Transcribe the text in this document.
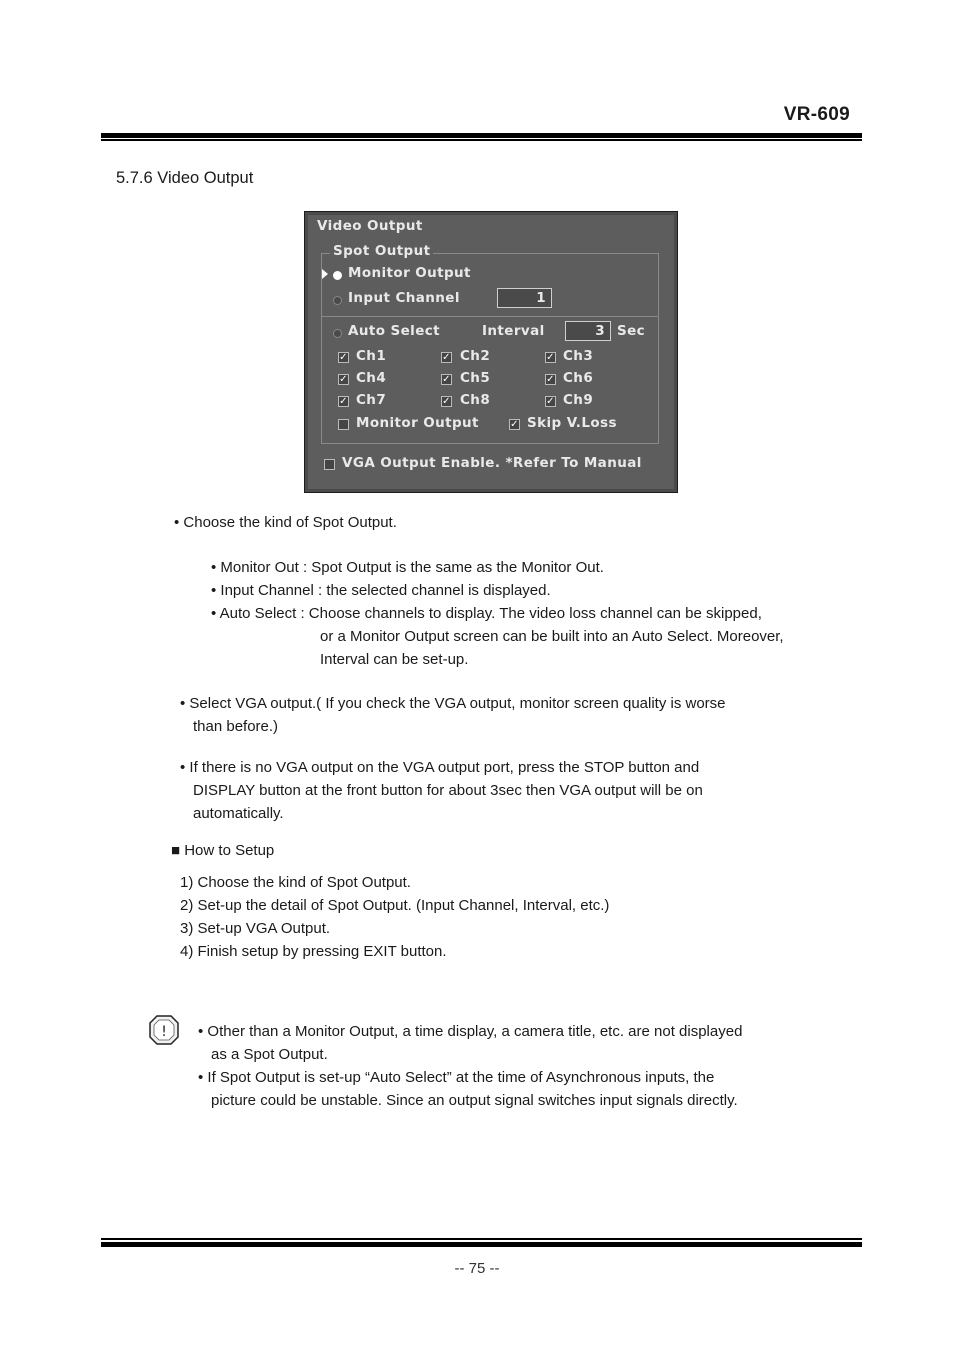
VR-609
5.7.6 Video Output
Video Output
Spot Output
Monitor Output
Input Channel	1
Auto Select	Interval	3 Sec
✓ Ch1	✓ Ch2	✓ Ch3
✓ Ch4	✓ Ch5	✓ Ch6
✓ Ch7	✓ Ch8	✓ Ch9
Monitor Output	✓ Skip V.Loss
VGA Output Enable. *Refer To Manual
• Choose the kind of Spot Output.
• Monitor Out : Spot Output is the same as the Monitor Out.
• Input Channel : the selected channel is displayed.
• Auto Select : Choose channels to display. The video loss channel can be skipped,
or a Monitor Output screen can be built into an Auto Select. Moreover,
Interval can be set-up.
• Select VGA output.( If you check the VGA output, monitor screen quality is worse
than before.)
• If there is no VGA output on the VGA output port, press the STOP button and
DISPLAY button at the front button for about 3sec then VGA output will be on
automatically.
■ How to Setup
1) Choose the kind of Spot Output.
2) Set-up the detail of Spot Output. (Input Channel, Interval, etc.)
3) Set-up VGA Output.
4) Finish setup by pressing EXIT button.
! • Other than a Monitor Output, a time display, a camera title, etc. are not displayed
as a Spot Output.
• If Spot Output is set-up “Auto Select” at the time of Asynchronous inputs, the
picture could be unstable. Since an output signal switches input signals directly.
-- 75 --
